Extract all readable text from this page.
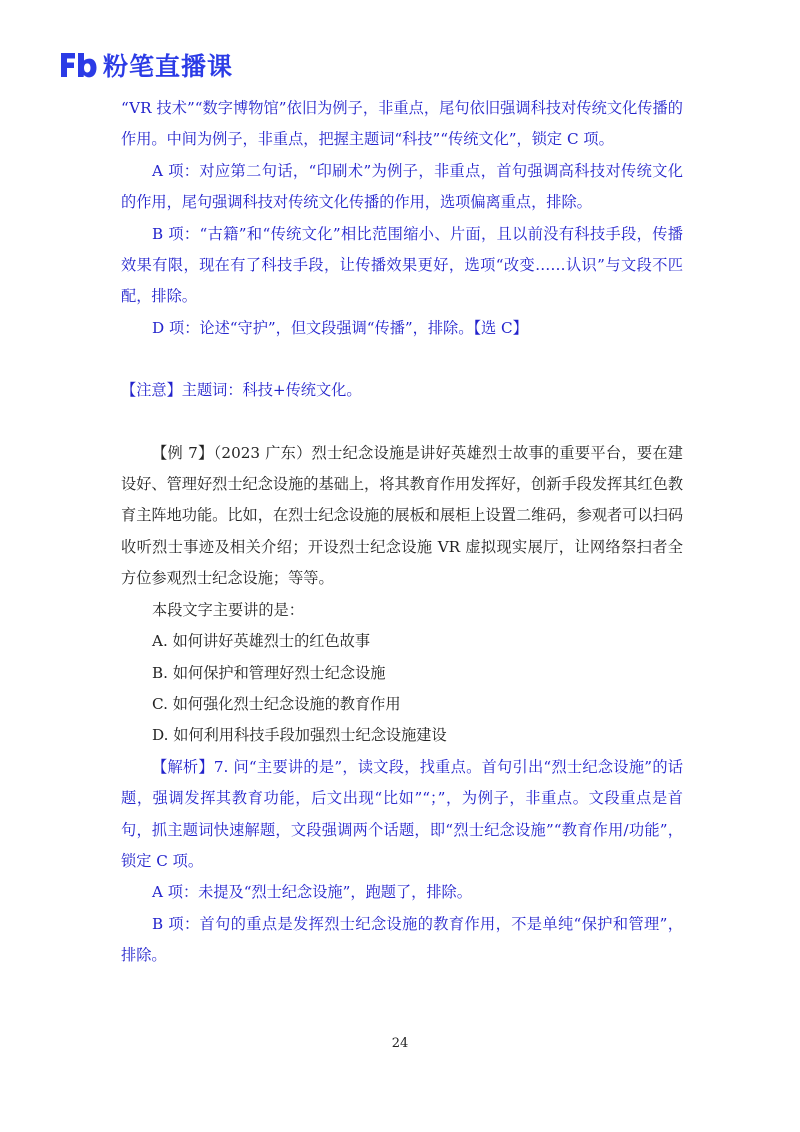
粉笔直播课

“VR 技术”“数字博物馆”依旧为例子，非重点，尾句依旧强调科技对传统文化传播的作用。中间为例子，非重点，把握主题词“科技”“传统文化”，锁定 C 项。

A 项：对应第二句话，“印刷术”为例子，非重点，首句强调高科技对传统文化的作用，尾句强调科技对传统文化传播的作用，选项偏离重点，排除。

B 项：“古籍”和“传统文化”相比范围缩小、片面，且以前没有科技手段，传播效果有限，现在有了科技手段，让传播效果更好，选项“改变……认识”与文段不匹配，排除。

D 项：论述“守护”，但文段强调“传播”，排除。【选 C】

【注意】主题词：科技+传统文化。

【例 7】（2023 广东）烈士纪念设施是讲好英雄烈士故事的重要平台，要在建设好、管理好烈士纪念设施的基础上，将其教育作用发挥好，创新手段发挥其红色教育主阵地功能。比如，在烈士纪念设施的展板和展柜上设置二维码，参观者可以扫码收听烈士事迹及相关介绍；开设烈士纪念设施 VR 虚拟现实展厅，让网络祭扫者全方位参观烈士纪念设施；等等。

本段文字主要讲的是：

A. 如何讲好英雄烈士的红色故事

B. 如何保护和管理好烈士纪念设施

C. 如何强化烈士纪念设施的教育作用

D. 如何利用科技手段加强烈士纪念设施建设

【解析】7. 问“主要讲的是”，读文段，找重点。首句引出“烈士纪念设施”的话题，强调发挥其教育功能，后文出现“比如”“；”，为例子，非重点。文段重点是首句，抓主题词快速解题，文段强调两个话题，即“烈士纪念设施”“教育作用/功能”，锁定 C 项。

A 项：未提及“烈士纪念设施”，跑题了，排除。

B 项：首句的重点是发挥烈士纪念设施的教育作用，不是单纯“保护和管理”，排除。

24
